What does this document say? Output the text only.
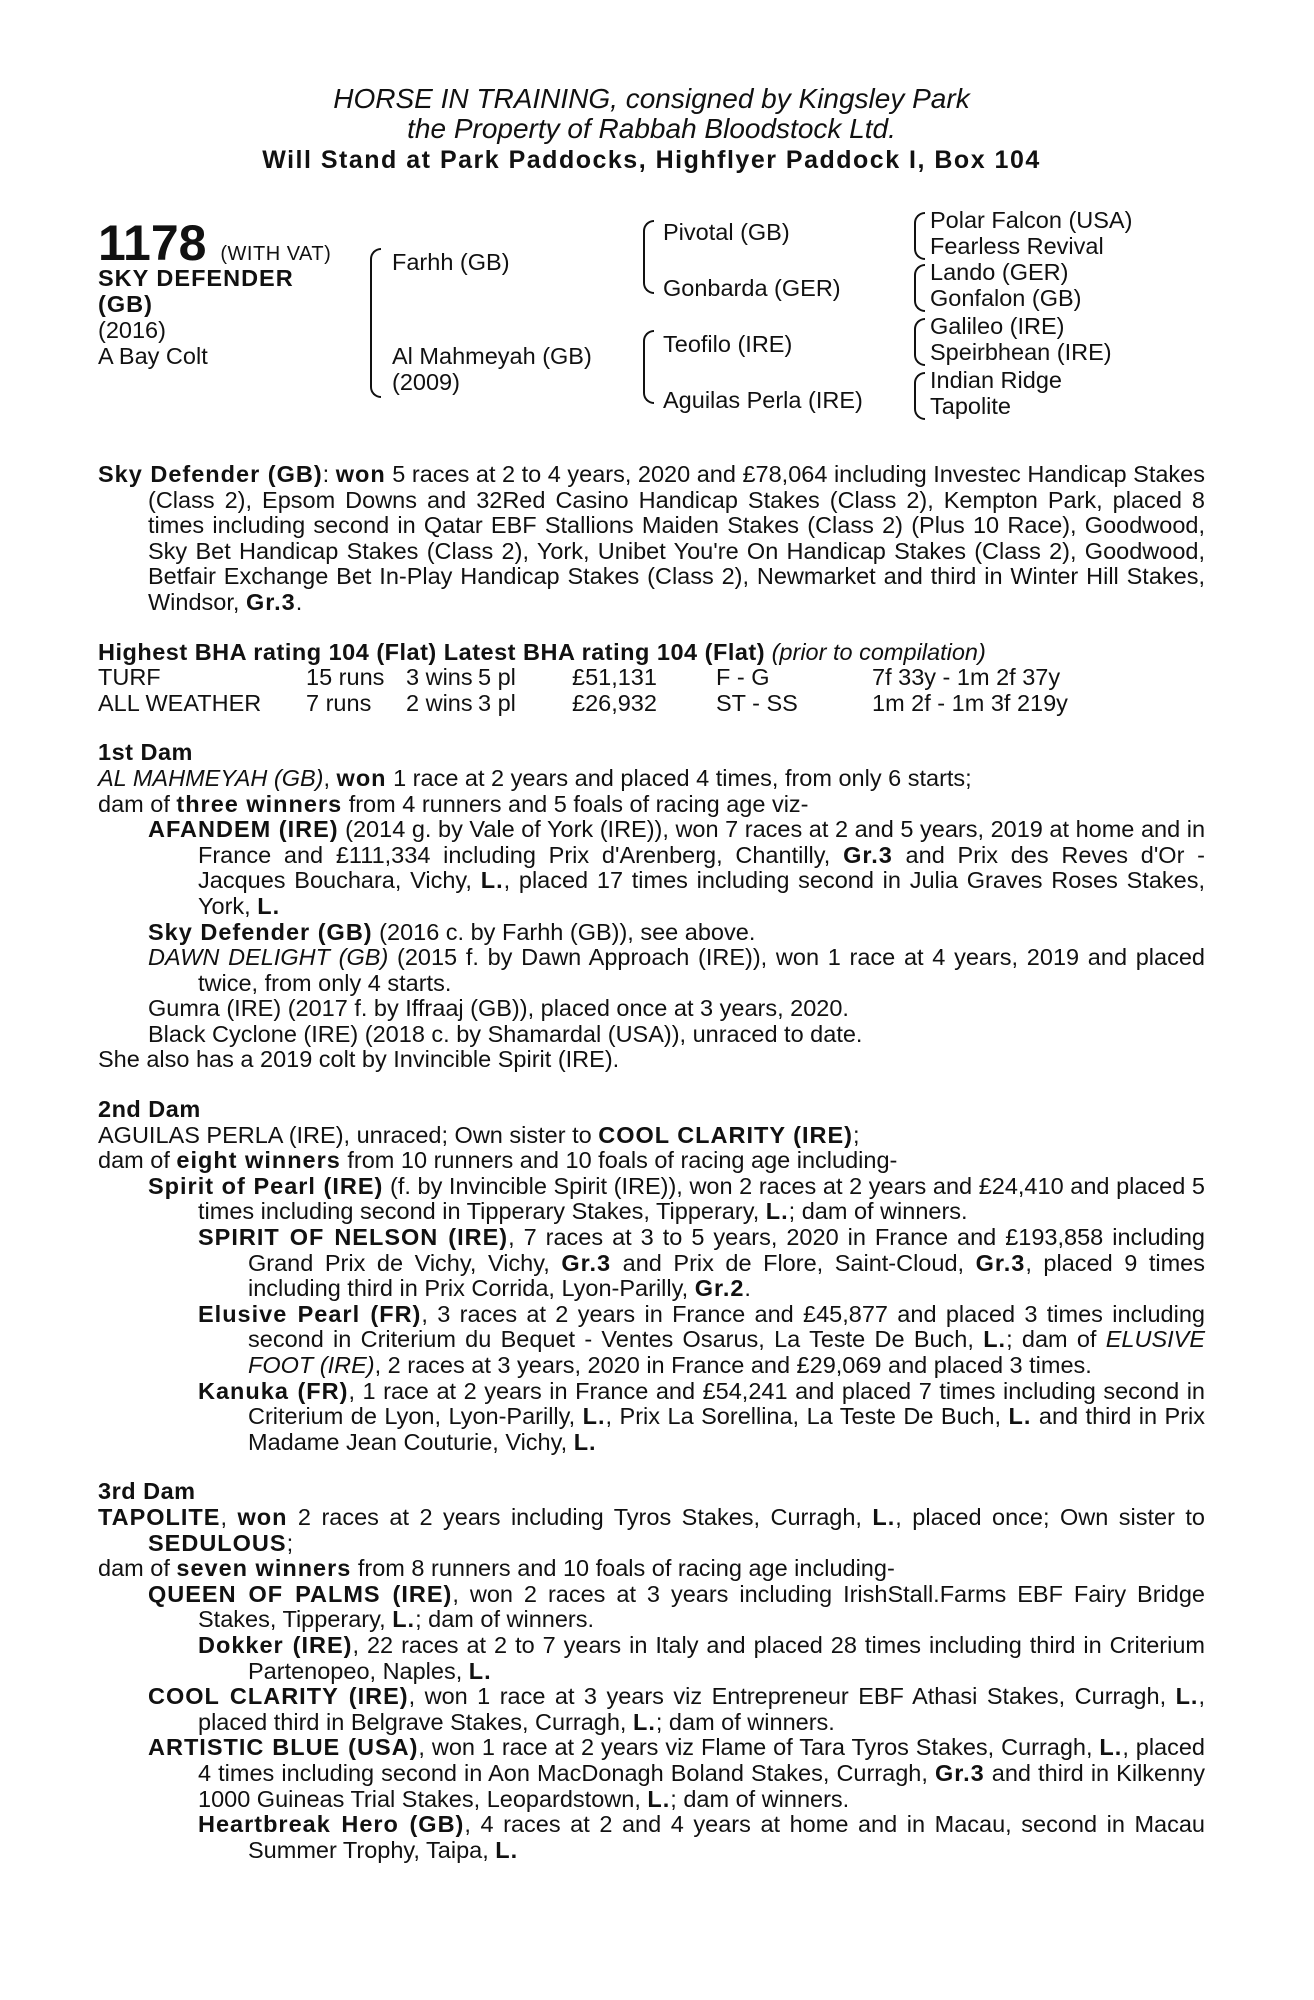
HORSE IN TRAINING, consigned by Kingsley Park
the Property of Rabbah Bloodstock Ltd.
Will Stand at Park Paddocks, Highflyer Paddock I, Box 104
1178 (WITH VAT)
SKY DEFENDER
(GB)
(2016)
A Bay Colt
Farhh (GB)
Al Mahmeyah (GB)
(2009)
Pivotal (GB)
Gonbarda (GER)
Teofilo (IRE)
Aguilas Perla (IRE)
Polar Falcon (USA)
Fearless Revival
Lando (GER)
Gonfalon (GB)
Galileo (IRE)
Speirbhean (IRE)
Indian Ridge
Tapolite

Sky Defender (GB): won 5 races at 2 to 4 years, 2020 and £78,064 including Investec Handicap Stakes (Class 2), Epsom Downs and 32Red Casino Handicap Stakes (Class 2), Kempton Park, placed 8 times including second in Qatar EBF Stallions Maiden Stakes (Class 2) (Plus 10 Race), Goodwood, Sky Bet Handicap Stakes (Class 2), York, Unibet You're On Handicap Stakes (Class 2), Goodwood, Betfair Exchange Bet In-Play Handicap Stakes (Class 2), Newmarket and third in Winter Hill Stakes, Windsor, Gr.3.

Highest BHA rating 104 (Flat) Latest BHA rating 104 (Flat) (prior to compilation)

TURF	15 runs	3 wins	5 pl	£51,131	F - G	7f 33y - 1m 2f 37y
ALL WEATHER	7 runs	2 wins	3 pl	£26,932	ST - SS	1m 2f - 1m 3f 219y

1st Dam

AL MAHMEYAH (GB), won 1 race at 2 years and placed 4 times, from only 6 starts;

dam of three winners from 4 runners and 5 foals of racing age viz-

AFANDEM (IRE) (2014 g. by Vale of York (IRE)), won 7 races at 2 and 5 years, 2019 at home and in France and £111,334 including Prix d'Arenberg, Chantilly, Gr.3 and Prix des Reves d'Or - Jacques Bouchara, Vichy, L., placed 17 times including second in Julia Graves Roses Stakes, York, L.

Sky Defender (GB) (2016 c. by Farhh (GB)), see above.

DAWN DELIGHT (GB) (2015 f. by Dawn Approach (IRE)), won 1 race at 4 years, 2019 and placed twice, from only 4 starts.

Gumra (IRE) (2017 f. by Iffraaj (GB)), placed once at 3 years, 2020.

Black Cyclone (IRE) (2018 c. by Shamardal (USA)), unraced to date.

She also has a 2019 colt by Invincible Spirit (IRE).

2nd Dam

AGUILAS PERLA (IRE), unraced; Own sister to COOL CLARITY (IRE);

dam of eight winners from 10 runners and 10 foals of racing age including-

Spirit of Pearl (IRE) (f. by Invincible Spirit (IRE)), won 2 races at 2 years and £24,410 and placed 5 times including second in Tipperary Stakes, Tipperary, L.; dam of winners.

SPIRIT OF NELSON (IRE), 7 races at 3 to 5 years, 2020 in France and £193,858 including Grand Prix de Vichy, Vichy, Gr.3 and Prix de Flore, Saint-Cloud, Gr.3, placed 9 times including third in Prix Corrida, Lyon-Parilly, Gr.2.

Elusive Pearl (FR), 3 races at 2 years in France and £45,877 and placed 3 times including second in Criterium du Bequet - Ventes Osarus, La Teste De Buch, L.; dam of ELUSIVE FOOT (IRE), 2 races at 3 years, 2020 in France and £29,069 and placed 3 times.

Kanuka (FR), 1 race at 2 years in France and £54,241 and placed 7 times including second in Criterium de Lyon, Lyon-Parilly, L., Prix La Sorellina, La Teste De Buch, L. and third in Prix Madame Jean Couturie, Vichy, L.

3rd Dam

TAPOLITE, won 2 races at 2 years including Tyros Stakes, Curragh, L., placed once; Own sister to SEDULOUS;

dam of seven winners from 8 runners and 10 foals of racing age including-

QUEEN OF PALMS (IRE), won 2 races at 3 years including IrishStall.Farms EBF Fairy Bridge Stakes, Tipperary, L.; dam of winners.

Dokker (IRE), 22 races at 2 to 7 years in Italy and placed 28 times including third in Criterium Partenopeo, Naples, L.

COOL CLARITY (IRE), won 1 race at 3 years viz Entrepreneur EBF Athasi Stakes, Curragh, L., placed third in Belgrave Stakes, Curragh, L.; dam of winners.

ARTISTIC BLUE (USA), won 1 race at 2 years viz Flame of Tara Tyros Stakes, Curragh, L., placed 4 times including second in Aon MacDonagh Boland Stakes, Curragh, Gr.3 and third in Kilkenny 1000 Guineas Trial Stakes, Leopardstown, L.; dam of winners.

Heartbreak Hero (GB), 4 races at 2 and 4 years at home and in Macau, second in Macau Summer Trophy, Taipa, L.
